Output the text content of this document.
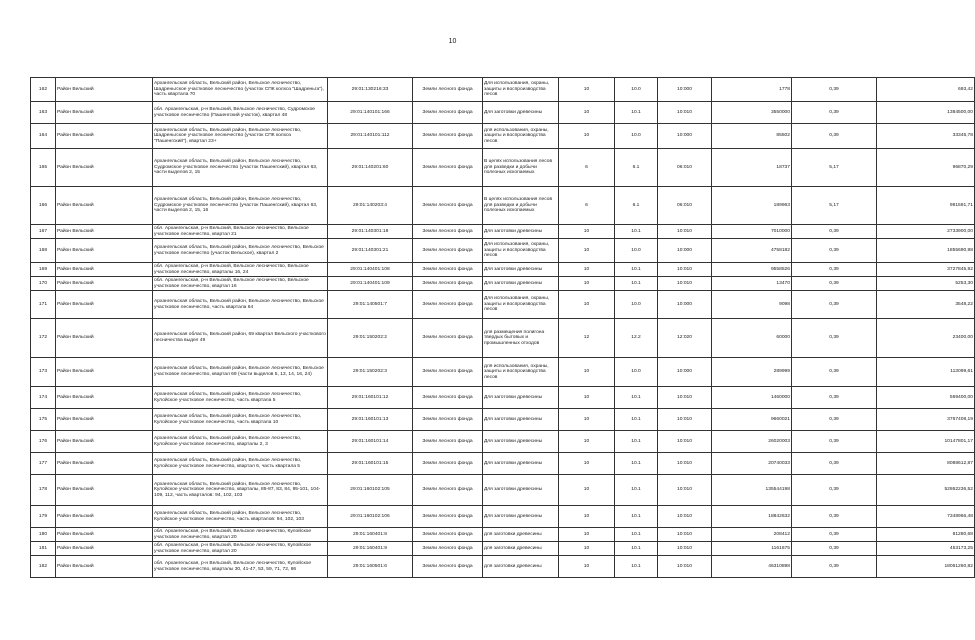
10
162	Район Вельский	Архангельская область, Вельский район, Вельское лесничество, Шадреньгское участковое лесничество (участок СПК колхоз "Шадреньга"), часть квартала 70	29:01:130216:33	Земли лесного фонда	Для использования, охраны, защиты и воспроизводства лесов	10	10.0	10:000	1778	0,39	693,42
163	Район Вельский	обл. Архангельская, р-н Вельский, Вельское лесничество, Судромское участковое лесничество (Пашенгский участок), квартал 48	29:01:140101:166	Земли лесного фонда	Для заготовки древесины	10	10.1	10:010	3550000	0,39	1384500,00
164	Район Вельский	Архангельская область, Вельский район, Вельское лесничество, Шадреньгское участковое лесничество (участок СПК колхоз "Пашенгский"), квартал 23+	29:01:140101:112	Земли лесного фонда	для использования, охраны, защиты и воспроизводства лесов	10	10.0	10:000	85502	0,39	33345,78
165	Район Вельский	Архангельская область, Вельский район, Вельское лесничество, Судромское участковое лесничество (участок Пашенгский), квартал 63, части выделов 2, 15	29:01:140201:60	Земли лесного фонда	В целях использования лесов для разведки и добычи полезных ископаемых	6	6.1	06:010	18737	5,17	96870,29
166	Район Вельский	Архангельская область, Вельский район, Вельское лесничество, Судромское участковое лесничество (участок Пашенгский), квартал 63, части выделов 2, 15, 16	29:01:140203:4	Земли лесного фонда	В целях использования лесов для разведки и добычи полезных ископаемых	6	6.1	06:010	189963	5,17	981591,71
167	Район Вельский	обл. Архангельская, р-н Вельский, Вельское лесничество, Вельское участковое лесничество, квартал 21	29:01:140301:18	Земли лесного фонда	Для заготовки древесины	10	10.1	10:010	7010000	0,39	2733900,00
168	Район Вельский	Архангельская область, Вельский район, Вельское лесничество, Вельское участковое лесничество (участок Вельское), квартал 2	29:01:140301:21	Земли лесного фонда	Для использования, охраны, защиты и воспроизводства лесов	10	10.0	10:000	4758182	0,39	1855690,98
169	Район Вельский	обл. Архангельская, р-н Вельский, Вельское лесничество, Вельское участковое лесничество, кварталы 16, 24	29:01:140401:108	Земли лесного фонда	Для заготовки древесины	10	10.1	10:010	9558526	0,39	3727845,92
170	Район Вельский	обл. Архангельская, р-н Вельский, Вельское лесничество, Вельское участковое лесничество, квартал 16	29:01:140401:109	Земли лесного фонда	Для заготовки древесины	10	10.1	10:010	13470	0,39	5253,30
171	Район Вельский	Архангельская область, Вельский район, Вельское лесничество, Вельское участковое лесничество, часть квартала 64	29:01:140501:7	Земли лесного фонда	Для использования, охраны, защиты и воспроизводства лесов	10	10.0	10:000	9098	0,39	3548,22
172	Район Вельский	Архангельская область, Вельский район, 69 квартал Вельского участкового лесничества выдел 49	29:01:150202:2	Земли лесного фонда	для размещения полигона твердых бытовых и промышленных отходов	12	12.2	12:020	60000	0,39	23400,00
173	Район Вельский	Архангельская область, Вельский район, Вельское лесничество, Вельское участковое лесничество, квартал 69 (части выделов 5, 13, 14, 16, 24)	29:01:150202:3	Земли лесного фонда	для использования, охраны, защиты и воспроизводства лесов	10	10.0	10:000	289999	0,39	113099,61
174	Район Вельский	Архангельская область, Вельский район, Вельское лесничество, Кулойское участковое лесничество, часть квартала 5	29:01:160101:12	Земли лесного фонда	Для заготовки древесины	10	10.1	10:010	1460000	0,39	569400,00
175	Район Вельский	Архангельская область, Вельский район, Вельское лесничество, Кулойское участковое лесничество, часть квартала 10	29:01:160101:13	Земли лесного фонда	Для заготовки древесины	10	10.1	10:010	9660021	0,39	3767408,19
176	Район Вельский	Архангельская область, Вельский район, Вельское лесничество, Кулойское участковое лесничество, кварталы 2, 3	29:01:160101:14	Земли лесного фонда	Для заготовки древесины	10	10.1	10:010	26020003	0,39	10147801,17
177	Район Вельский	Архангельская область, Вельский район, Вельское лесничество, Кулойское участковое лесничество, квартал 6, часть квартала 5	29:01:160101:15	Земли лесного фонда	Для заготовки древесины	10	10.1	10:010	20740033	0,39	8088612,87
178	Район Вельский	Архангельская область, Вельский район, Вельское лесничество, Кулойское участковое лесничество, кварталы, 85-87, 83, 84, 95-101, 104-109, 112, часть кварталов: 94, 102, 103	29:01:160102:105	Земли лесного фонда	Для заготовки древесины	10	10.1	10:010	135544198	0,39	52862236,52
179	Район Вельский	Архангельская область, Вельский район, Вельское лесничество, Кулойское участковое лесничество, часть кварталов: 94, 102, 103	29:01:160102:106	Земли лесного фонда	Для заготовки древесины	10	10.1	10:010	18842632	0,39	7348966,48
180	Район Вельский	обл. Архангельская, р-н Вельский, Вельское лесничество, Кулойское участковое лесничество, квартал 20	29:01:160401:8	Земли лесного фонда	для заготовки древесины	10	10.1	10:010	208412	0,39	81280,68
181	Район Вельский	обл. Архангельская, р-н Вельский, Вельское лесничество, Кулойское участковое лесничество, квартал 20	29:01:160401:9	Земли лесного фонда	для заготовки древесины	10	10.1	10:010	1161675	0,39	453173,25
182	Район Вельский	обл. Архангельская, р-н Вельский, Вельское лесничество, Кулойское участковое лесничество, кварталы 30, 41-47, 53, 59, 71, 72, 86	29:01:160501:6	Земли лесного фонда	для заготовки древесины	10	10.1	10:010	46310898	0,39	18061260,82
